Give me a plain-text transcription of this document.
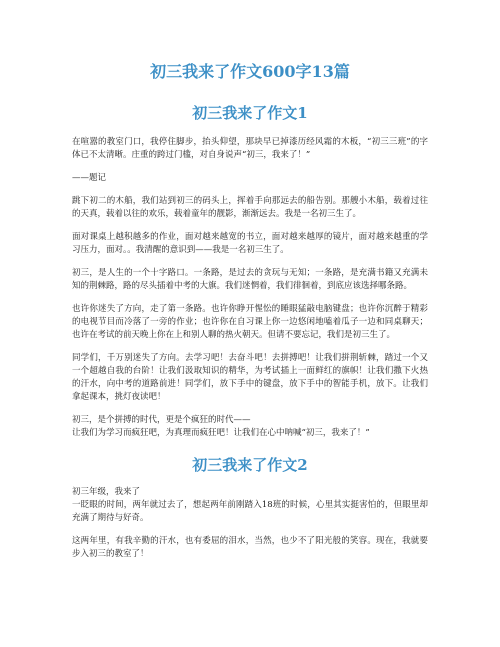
初三我来了作文600字13篇
初三我来了作文1

在喧嚣的教室门口，我停住脚步，抬头仰望，那块早已掉漆历经风霜的木板，“初三三班”的字体已不太清晰。庄重的跨过门槛，对自身说声“初三，我来了！”

——题记

跳下初二的木船，我们站到初三的码头上，挥着手向那远去的船告别。那艘小木船，载着过往的天真，载着以往的欢乐，载着童年的靓影，渐渐远去。我是一名初三生了。

面对课桌上越积越多的作业，面对越来越宽的书立，面对越来越厚的镜片，面对越来越重的学习压力，面对。。我清醒的意识到——我是一名初三生了。

初三，是人生的一个十字路口。一条路，是过去的贪玩与无知；一条路，是充满书籍又充满未知的荆棘路，路的尽头插着中考的大旗。我们迷惘着，我们徘徊着，到底应该选择哪条路。

也许你迷失了方向，走了第一条路。也许你睁开惺忪的睡眼猛敲电脑键盘；也许你沉醉于精彩的电视节目而冷落了一旁的作业；也许你在自习课上你一边悠闲地嗑着瓜子一边和同桌聊天；也许在考试的前天晚上你在上和别人聊的热火朝天。但请不要忘记，我们是初三生了。

同学们，千万别迷失了方向。去学习吧！去奋斗吧！去拼搏吧！让我们拼荆斩棘，踏过一个又一个超越自我的台阶！让我们汲取知识的精华，为考试插上一面鲜红的旗帜！让我们撒下火热的汗水，向中考的道路前进！同学们，放下手中的键盘，放下手中的智能手机，放下。让我们拿起课本，挑灯夜读吧！

初三，是个拼搏的时代，更是个疯狂的时代——
让我们为学习而疯狂吧，为真理而疯狂吧！让我们在心中呐喊“初三，我来了！”

初三我来了作文2

初三年级，我来了
一眨眼的时间，两年就过去了，想起两年前刚踏入18班的时候，心里其实挺害怕的，但眼里却充满了期待与好奇。

这两年里，有我辛勤的汗水，也有委屈的泪水，当然，也少不了阳光般的笑容。现在，我就要步入初三的教室了！
